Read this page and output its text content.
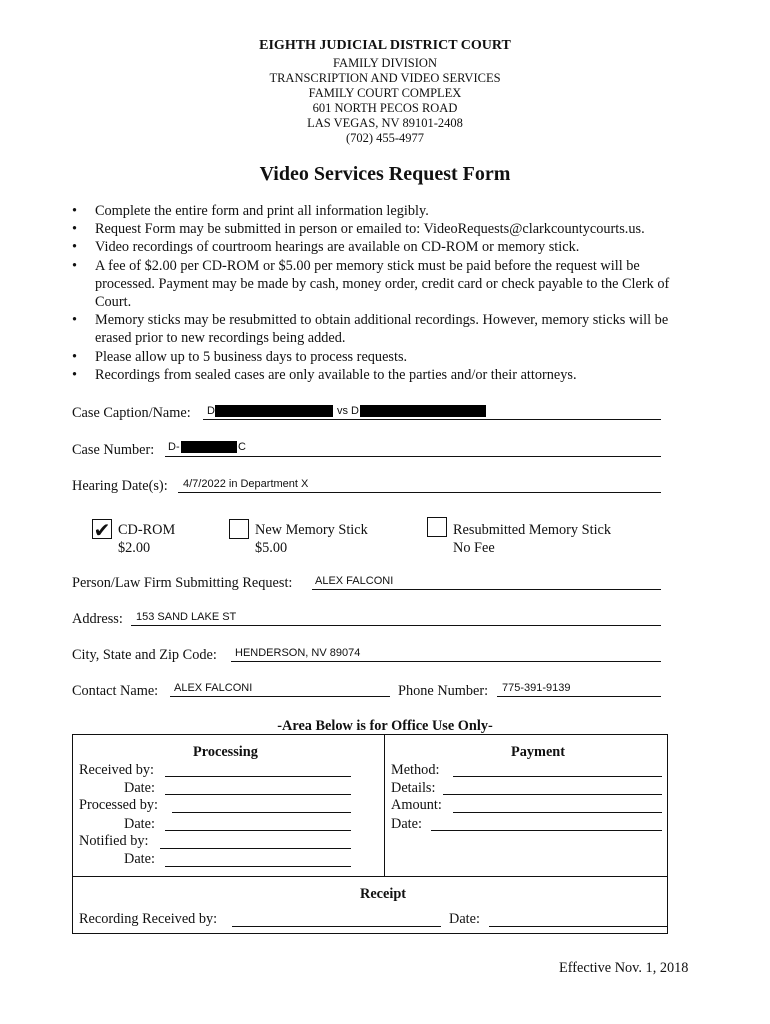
EIGHTH JUDICIAL DISTRICT COURT
FAMILY DIVISION
TRANSCRIPTION AND VIDEO SERVICES
FAMILY COURT COMPLEX
601 NORTH PECOS ROAD
LAS VEGAS, NV 89101-2408
(702) 455-4977
Video Services Request Form
• Complete the entire form and print all information legibly.
• Request Form may be submitted in person or emailed to: VideoRequests@clarkcountycourts.us.
• Video recordings of courtroom hearings are available on CD-ROM or memory stick.
• A fee of $2.00 per CD-ROM or $5.00 per memory stick must be paid before the request will be processed. Payment may be made by cash, money order, credit card or check payable to the Clerk of Court.
• Memory sticks may be resubmitted to obtain additional recordings. However, memory sticks will be erased prior to new recordings being added.
• Please allow up to 5 business days to process requests.
• Recordings from sealed cases are only available to the parties and/or their attorneys.
Case Caption/Name: D	vs D
Case Number: D-	C
Hearing Date(s): 4/7/2022 in Department X
✔ CD-ROM
$2.00
New Memory Stick
$5.00
Resubmitted Memory Stick
No Fee
Person/Law Firm Submitting Request: ALEX FALCONI
Address: 153 SAND LAKE ST
City, State and Zip Code: HENDERSON, NV 89074
Contact Name: ALEX FALCONI	Phone Number: 775-391-9139
-Area Below is for Office Use Only-
Processing
Received by:
Date:
Processed by:
Date:
Notified by:
Date:
Payment
Method:
Details:
Amount:
Date:
Receipt
Recording Received by:	Date:
Effective Nov. 1, 2018
